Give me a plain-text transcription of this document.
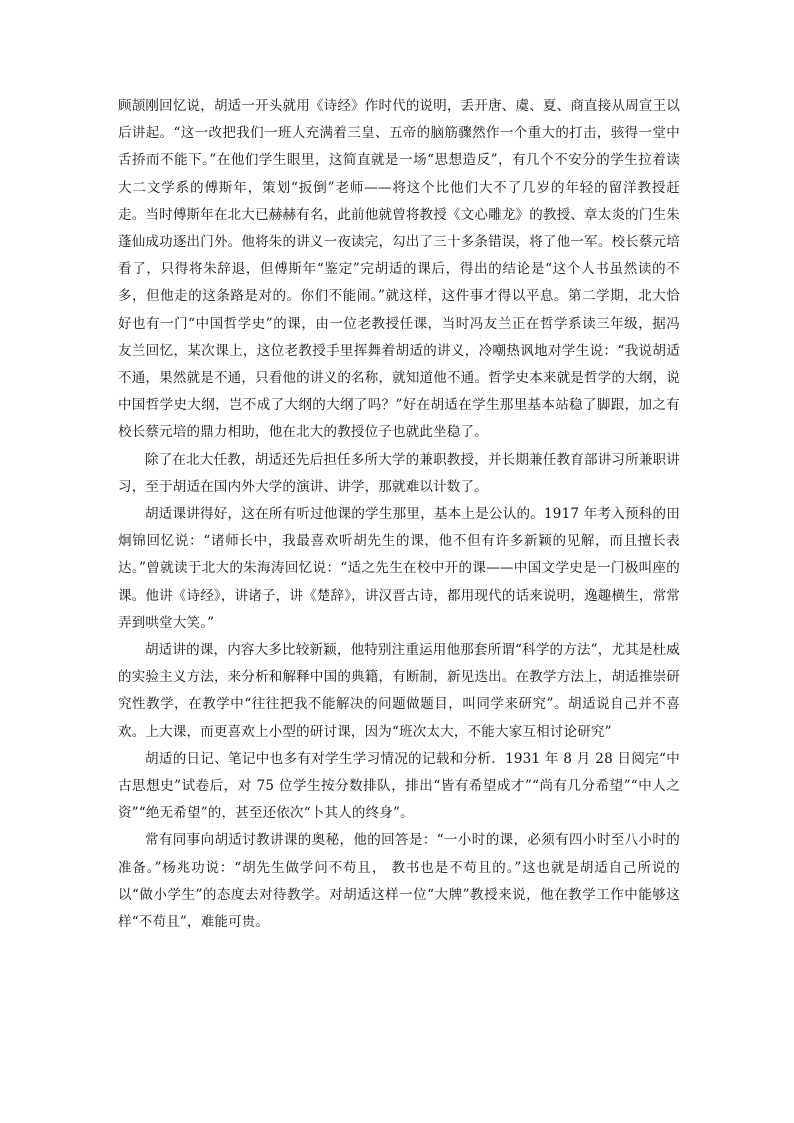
顾颉刚回忆说，胡适一开头就用《诗经》作时代的说明，丢开唐、虞、夏、商直接从周宣王以后讲起。“这一改把我们一班人充满着三皇、五帝的脑筋骤然作一个重大的打击，骇得一堂中舌挢而不能下。”在他们学生眼里，这简直就是一场“思想造反”，有几个不安分的学生拉着读大二文学系的傅斯年，策划“扳倒”老师——将这个比他们大不了几岁的年轻的留洋教授赶走。当时傅斯年在北大已赫赫有名，此前他就曾将教授《文心雕龙》的教授、章太炎的门生朱蓬仙成功逐出门外。他将朱的讲义一夜读完，勾出了三十多条错误，将了他一军。校长蔡元培看了，只得将朱辞退，但傅斯年“鉴定”完胡适的课后，得出的结论是“这个人书虽然读的不多，但他走的这条路是对的。你们不能闹。”就这样，这件事才得以平息。第二学期，北大恰好也有一门“中国哲学史”的课，由一位老教授任课，当时冯友兰正在哲学系读三年级，据冯友兰回忆，某次课上，这位老教授手里挥舞着胡适的讲义，冷嘲热讽地对学生说：“我说胡适不通，果然就是不通，只看他的讲义的名称，就知道他不通。哲学史本来就是哲学的大纲，说中国哲学史大纲，岂不成了大纲的大纲了吗？”好在胡适在学生那里基本站稳了脚跟，加之有校长蔡元培的鼎力相助，他在北大的教授位子也就此坐稳了。

除了在北大任教，胡适还先后担任多所大学的兼职教授，并长期兼任教育部讲习所兼职讲习，至于胡适在国内外大学的演讲、讲学，那就难以计数了。

胡适课讲得好，这在所有听过他课的学生那里，基本上是公认的。1917 年考入预科的田炯锦回忆说：“诸师长中，我最喜欢听胡先生的课，他不但有许多新颖的见解，而且擅长表达。”曾就读于北大的朱海涛回忆说：“适之先生在校中开的课——中国文学史是一门极叫座的课。他讲《诗经》，讲诸子，讲《楚辞》，讲汉晋古诗，都用现代的话来说明，逸趣横生，常常弄到哄堂大笑。”

胡适讲的课，内容大多比较新颖，他特别注重运用他那套所谓“科学的方法”，尤其是杜威的实验主义方法，来分析和解释中国的典籍，有断制，新见迭出。在教学方法上，胡适推崇研究性教学，在教学中“往往把我不能解决的问题做题目，叫同学来研究”。胡适说自己并不喜欢。上大课，而更喜欢上小型的研讨课，因为“班次太大，不能大家互相讨论研究”

胡适的日记、笔记中也多有对学生学习情况的记载和分析．1931 年 8 月 28 日阅完“中古思想史”试卷后，对 75 位学生按分数排队，排出“皆有希望成才”“尚有几分希望”“中人之资”“绝无希望”的，甚至还依次“卜其人的终身”。

常有同事向胡适讨教讲课的奥秘，他的回答是：“一小时的课，必须有四小时至八小时的准备。”杨兆功说：“胡先生做学问不苟且， 教书也是不苟且的。”这也就是胡适自己所说的以“做小学生”的态度去对待教学。对胡适这样一位“大牌”教授来说，他在教学工作中能够这样“不苟且”，难能可贵。
